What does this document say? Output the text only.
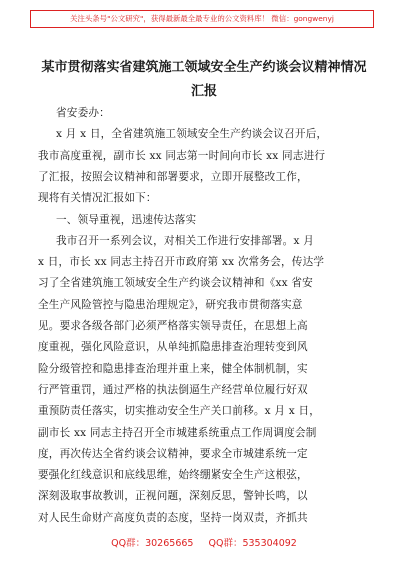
关注头条号"公文研究"，获得最新最全最专业的公文资料库！ 微信：gongwenyj
某市贯彻落实省建筑施工领域安全生产约谈会议精神情况
汇报
省安委办：
x 月 x 日，全省建筑施工领域安全生产约谈会议召开后，
我市高度重视，副市长 xx 同志第一时间向市长 xx 同志进行
了汇报，按照会议精神和部署要求，立即开展整改工作，
现将有关情况汇报如下：
一、领导重视，迅速传达落实
我市召开一系列会议，对相关工作进行安排部署。x 月
x 日，市长 xx 同志主持召开市政府第 xx 次常务会，传达学
习了全省建筑施工领域安全生产约谈会议精神和《xx 省安
全生产风险管控与隐患治理规定》，研究我市贯彻落实意
见。要求各级各部门必须严格落实领导责任，在思想上高
度重视，强化风险意识，从单纯抓隐患排查治理转变到风
险分级管控和隐患排查治理并重上来，健全体制机制，实
行严管重罚，通过严格的执法倒逼生产经营单位履行好双
重预防责任落实，切实推动安全生产关口前移。x 月 x 日，
副市长 xx 同志主持召开全市城建系统重点工作周调度会制
度，再次传达全省约谈会议精神，要求全市城建系统一定
要强化红线意识和底线思维，始终绷紧安全生产这根弦，
深刻汲取事故教训，正视问题，深刻反思，警钟长鸣，以
对人民生命财产高度负责的态度，坚持一岗双责，齐抓共
QQ群：30265665 QQ群：535304092
